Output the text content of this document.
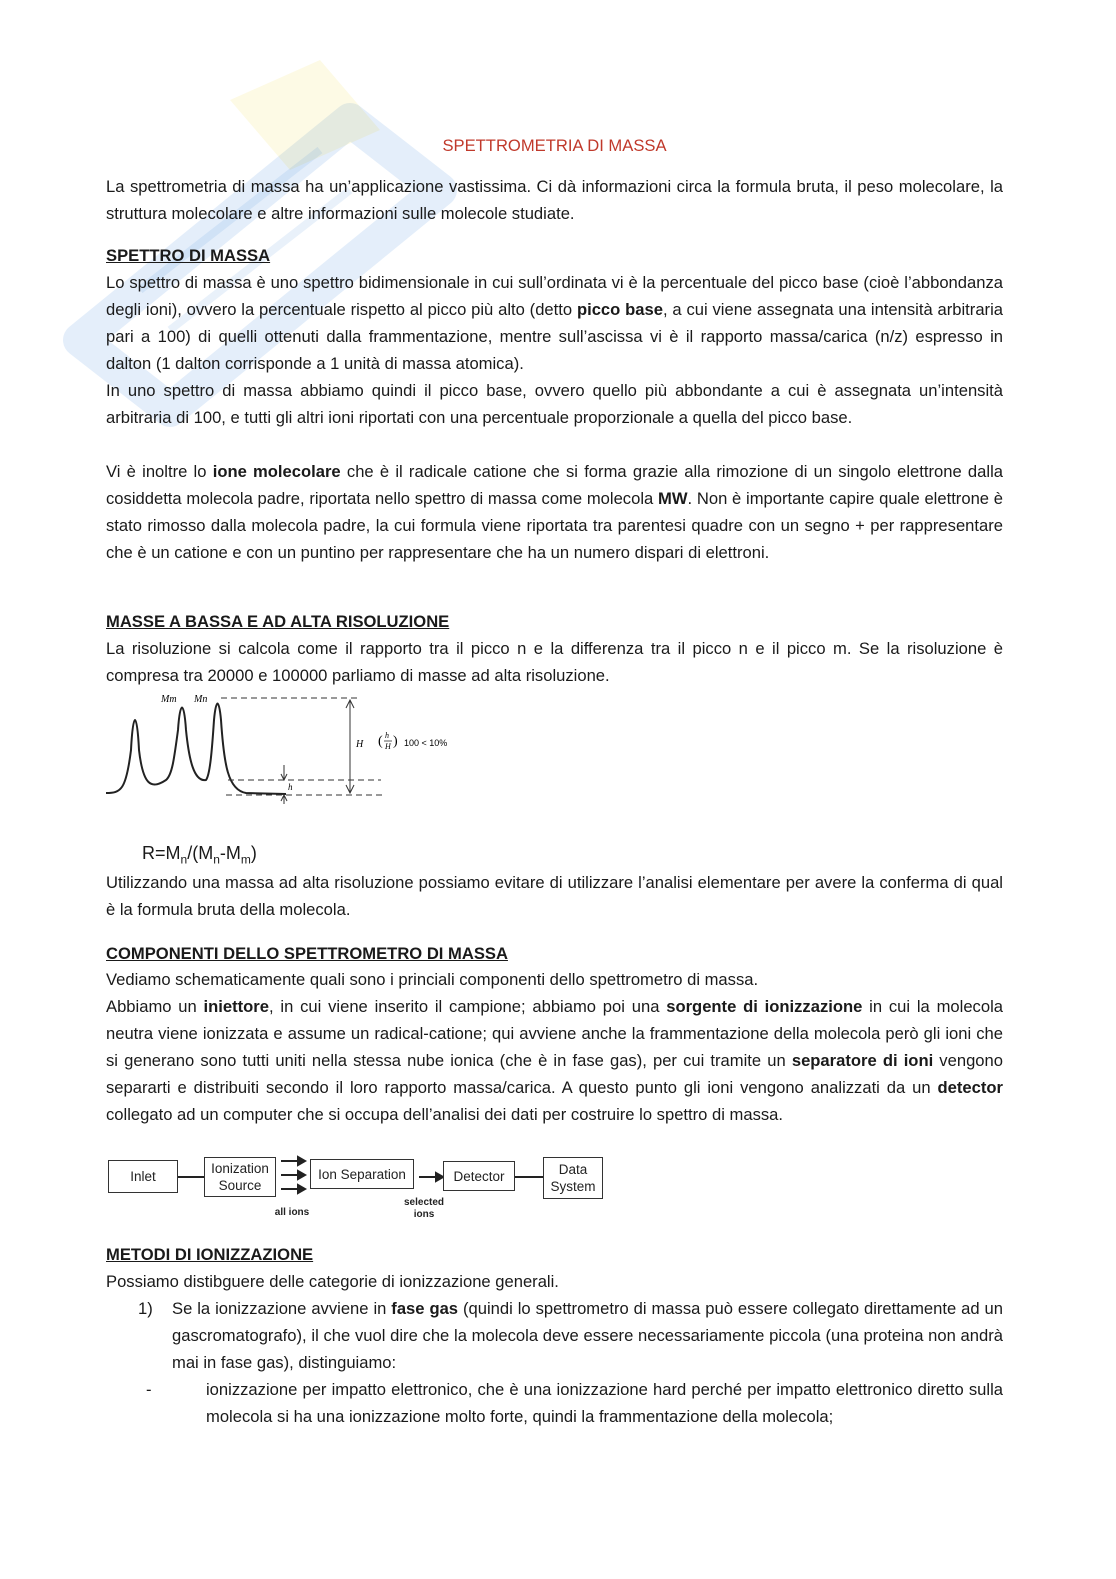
SPETTROMETRIA DI MASSA

La spettrometria di massa ha un’applicazione vastissima. Ci dà informazioni circa la formula bruta, il peso molecolare, la struttura molecolare e altre informazioni sulle molecole studiate.

SPETTRO DI MASSA

Lo spettro di massa è uno spettro bidimensionale in cui sull’ordinata vi è la percentuale del picco base (cioè l’abbondanza degli ioni), ovvero la percentuale rispetto al picco più alto (detto picco base, a cui viene assegnata una intensità arbitraria pari a 100) di quelli ottenuti dalla frammentazione, mentre sull’ascissa vi è il rapporto massa/carica (n/z) espresso in dalton (1 dalton corrisponde a 1 unità di massa atomica).

In uno spettro di massa abbiamo quindi il picco base, ovvero quello più abbondante a cui è assegnata un’intensità arbitraria di 100, e tutti gli altri ioni riportati con una percentuale proporzionale a quella del picco base.

Vi è inoltre lo ione molecolare che è il radicale catione che si forma grazie alla rimozione di un singolo elettrone dalla cosiddetta molecola padre, riportata nello spettro di massa come molecola MW. Non è importante capire quale elettrone è stato rimosso dalla molecola padre, la cui formula viene riportata tra parentesi quadre con un segno + per rappresentare che è un catione e con un puntino per rappresentare che ha un numero dispari di elettroni.

MASSE A BASSA E AD ALTA RISOLUZIONE

La risoluzione si calcola come il rapporto tra il picco n e la differenza tra il picco n e il picco m. Se la risoluzione è compresa tra 20000 e 100000 parliamo di masse ad alta risoluzione.

Mm Mn
h
H ( h
H ) 100 < 10%
$R=M_n/(M_n-M_m)$

Utilizzando una massa ad alta risoluzione possiamo evitare di utilizzare l’analisi elementare per avere la conferma di qual è la formula bruta della molecola.

COMPONENTI DELLO SPETTROMETRO DI MASSA

Vediamo schematicamente quali sono i princiali componenti dello spettrometro di massa.

Abbiamo un iniettore, in cui viene inserito il campione; abbiamo poi una sorgente di ionizzazione in cui la molecola neutra viene ionizzata e assume un radical-catione; qui avviene anche la frammentazione della molecola però gli ioni che si generano sono tutti uniti nella stessa nube ionica (che è in fase gas), per cui tramite un separatore di ioni vengono separarti e distribuiti secondo il loro rapporto massa/carica. A questo punto gli ioni vengono analizzati da un detector collegato ad un computer che si occupa dell’analisi dei dati per costruire lo spettro di massa.

Inlet
Ionization
Source
Ion Separation	Detector	Data
System
all ions
selected
ions

METODI DI IONIZZAZIONE

Possiamo distibguere delle categorie di ionizzazione generali.

1) Se la ionizzazione avviene in fase gas (quindi lo spettrometro di massa può essere collegato direttamente ad un gascromatografo), il che vuol dire che la molecola deve essere necessariamente piccola (una proteina non andrà mai in fase gas), distinguiamo:
-	ionizzazione per impatto elettronico, che è una ionizzazione hard perché per impatto elettronico diretto sulla molecola si ha una ionizzazione molto forte, quindi la frammentazione della molecola;
